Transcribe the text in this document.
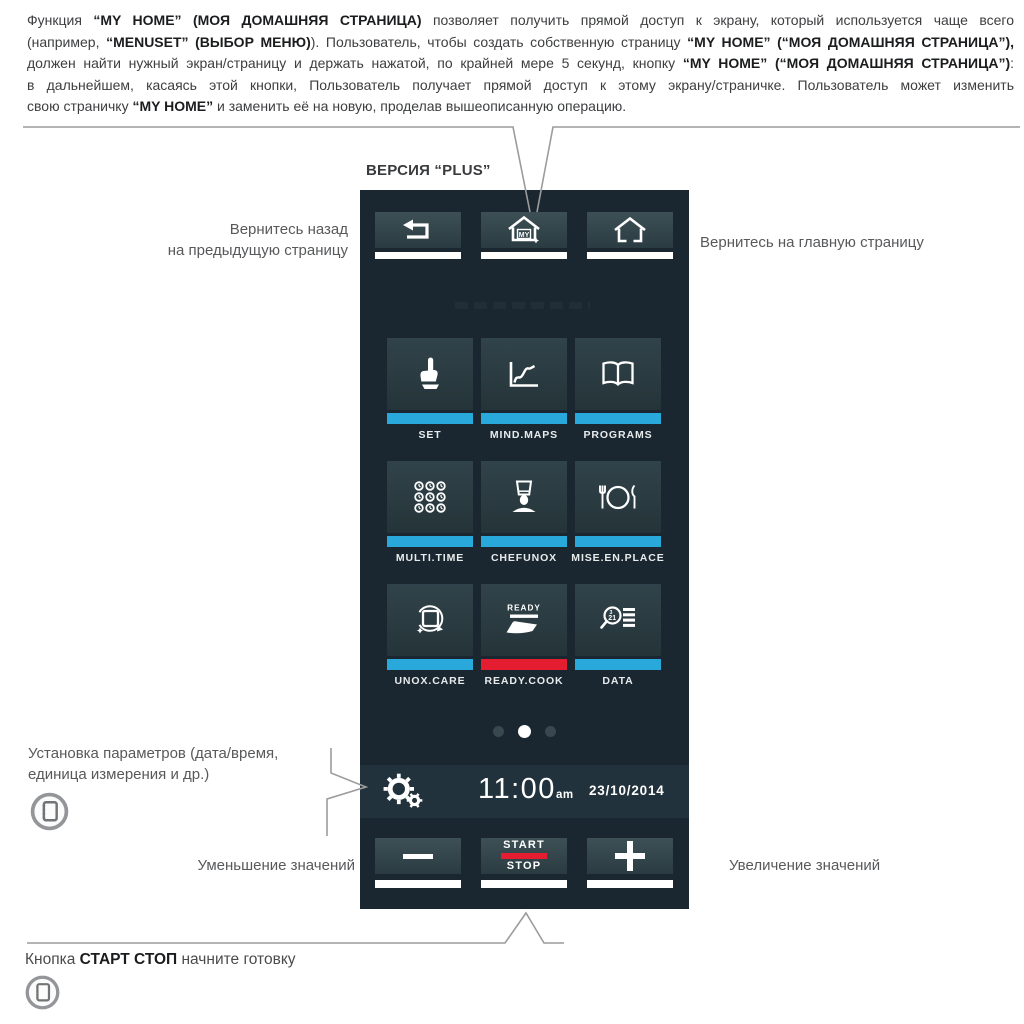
Функция “MY HOME” (МОЯ ДОМАШНЯЯ СТРАНИЦА) позволяет получить прямой доступ к экрану, который используется чаще всего
(например, “MENUSET” (ВЫБОР МЕНЮ)). Пользователь, чтобы создать собственную страницу “MY HOME” (“МОЯ ДОМАШНЯЯ СТРАНИЦА”),
должен найти нужный экран/страницу и держать нажатой, по крайней мере 5 секунд, кнопку “MY HOME” (“МОЯ ДОМАШНЯЯ СТРАНИЦА”):
в дальнейшем, касаясь этой кнопки, Пользователь получает прямой доступ к этому экрану/страничке. Пользователь может изменить
свою страничку “MY HOME” и заменить её на новую, проделав вышеописанную операцию.
ВЕРСИЯ “PLUS”
Вернитесь назад
на предыдущую страницу	Вернитесь на главную страницу
Установка параметров (дата/время,
единица измерения и др.)
Уменьшение значений	Увеличение значений
Кнопка СТАРТ СТОП начните готовку
MY
SET	MIND.MAPS	PROGRAMS
MULTI.TIME	CHEFUNOX	MISE.EN.PLACE
READY
3
21
UNOX.CARE	READY.COOK	DATA
11:00 am 23/10/2014
START
STOP
